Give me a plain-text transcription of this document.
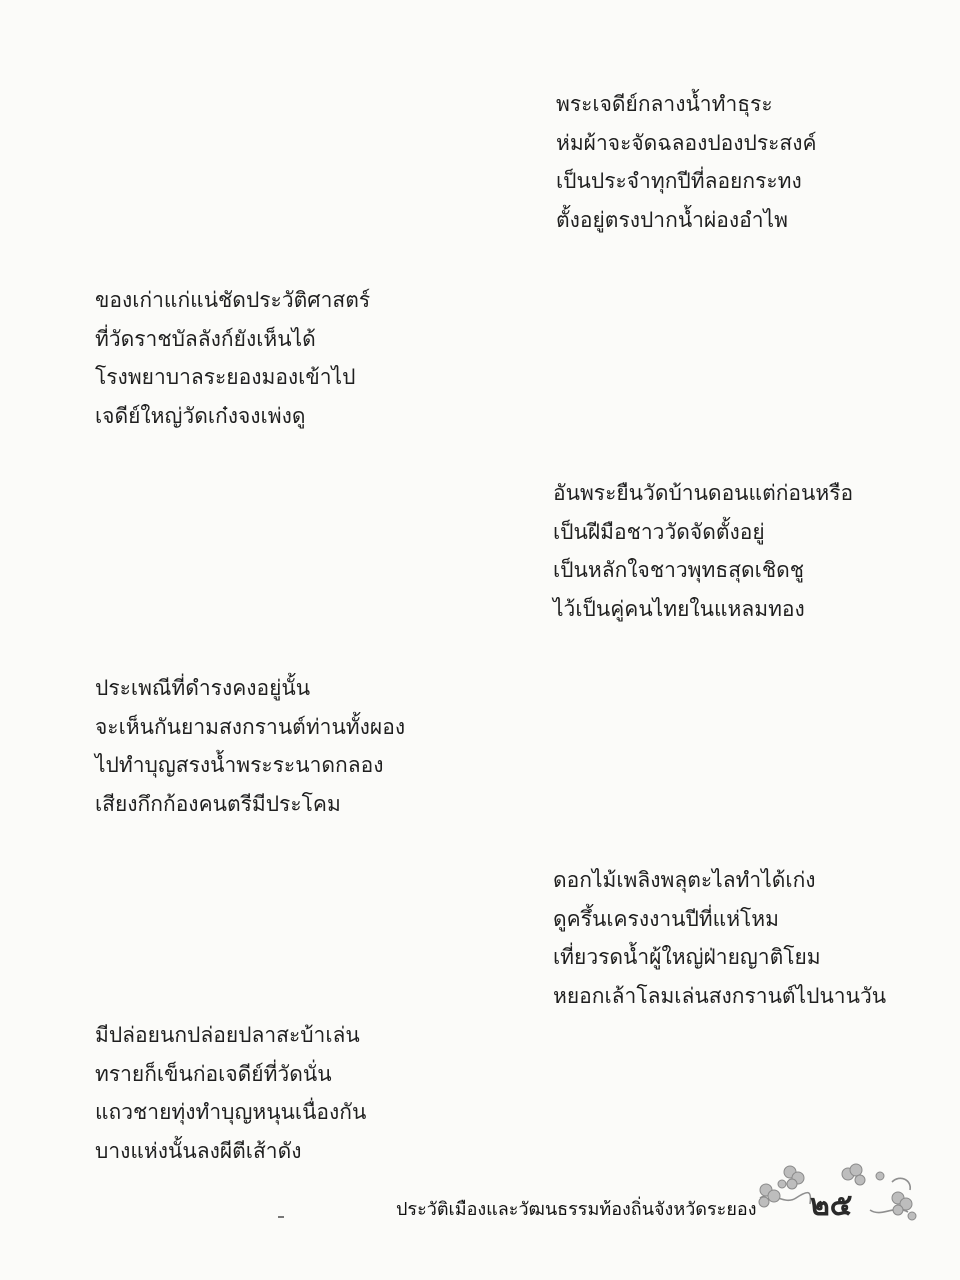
พระเจดีย์กลางน้ำทำธุระ
ห่มผ้าจะจัดฉลองปองประสงค์
เป็นประจำทุกปีที่ลอยกระทง
ตั้งอยู่ตรงปากน้ำผ่องอำไพ
ของเก่าแก่แน่ชัดประวัติศาสตร์
ที่วัดราชบัลลังก์ยังเห็นได้
โรงพยาบาลระยองมองเข้าไป
เจดีย์ใหญ่วัดเก๋งจงเพ่งดู
อันพระยืนวัดบ้านดอนแต่ก่อนหรือ
เป็นฝีมือชาววัดจัดตั้งอยู่
เป็นหลักใจชาวพุทธสุดเชิดชู
ไว้เป็นคู่คนไทยในแหลมทอง
ประเพณีที่ดำรงคงอยู่นั้น
จะเห็นกันยามสงกรานต์ท่านทั้งผอง
ไปทำบุญสรงน้ำพระระนาดกลอง
เสียงกึกก้องคนตรีมีประโคม
ดอกไม้เพลิงพลุตะไลทำได้เก่ง
ดูครึ้นเครงงานปีที่แห่โหม
เที่ยวรดน้ำผู้ใหญ่ฝ่ายญาติโยม
หยอกเล้าโลมเล่นสงกรานต์ไปนานวัน
มีปล่อยนกปล่อยปลาสะบ้าเล่น
ทรายก็เข็นก่อเจดีย์ที่วัดนั่น
แถวชายทุ่งทำบุญหนุนเนื่องกัน
บางแห่งนั้นลงผีตีเส้าดัง
ประวัติเมืองและวัฒนธรรมท้องถิ่นจังหวัดระยอง ๒๕
